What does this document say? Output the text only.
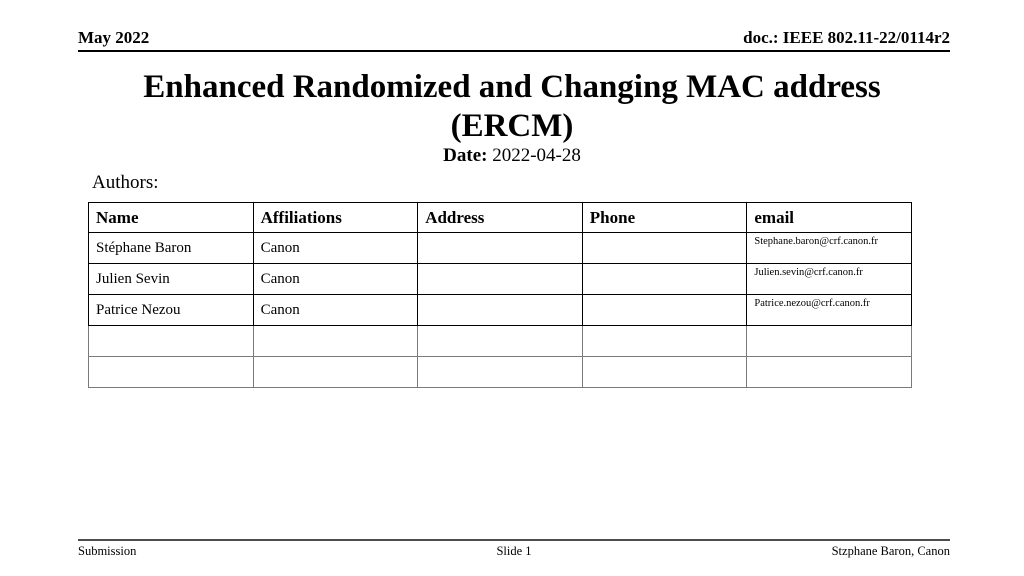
May 2022	doc.: IEEE 802.11-22/0114r2
Enhanced Randomized and Changing MAC address
(ERCM)
Date: 2022-04-28
Authors:
Name	Affiliations	Address	Phone	email
Stéphane Baron	Canon			Stephane.baron@crf.canon.fr
Julien Sevin	Canon			Julien.sevin@crf.canon.fr
Patrice Nezou	Canon			Patrice.nezou@crf.canon.fr

Submission	Slide 1	Stzphane Baron, Canon
